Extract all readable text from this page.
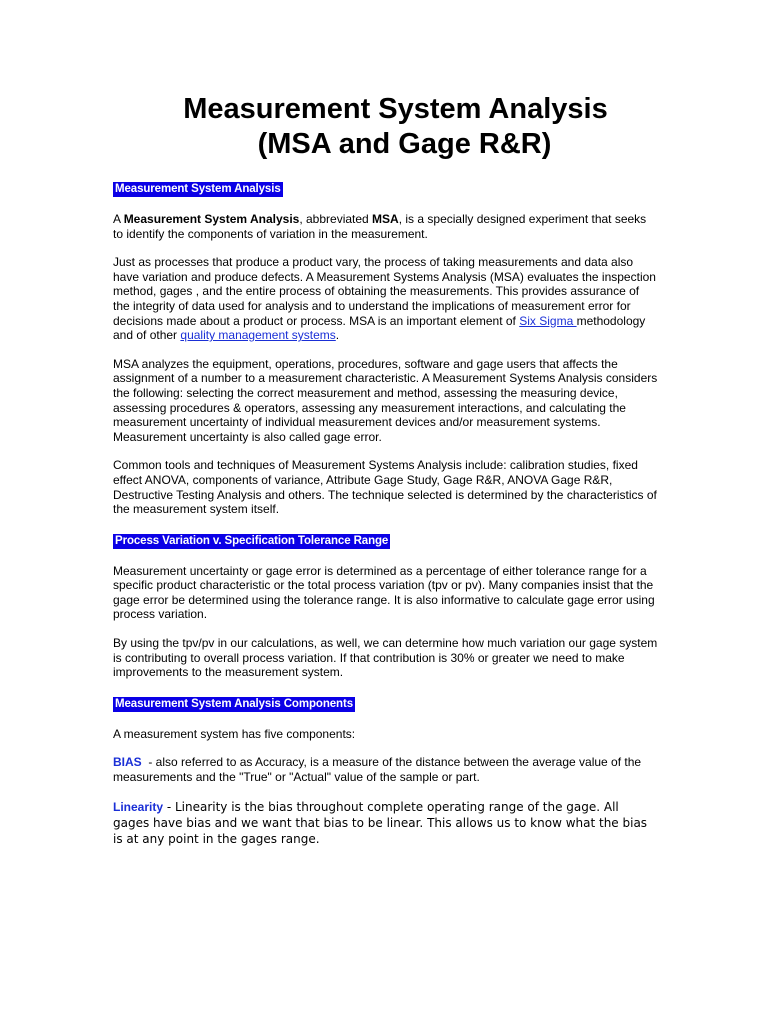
Measurement System Analysis
(MSA and Gage R&R)
Measurement System Analysis

A Measurement System Analysis, abbreviated MSA, is a specially designed experiment that seeks to identify the components of variation in the measurement.

Just as processes that produce a product vary, the process of taking measurements and data also have variation and produce defects. A Measurement Systems Analysis (MSA) evaluates the inspection method, gages , and the entire process of obtaining the measurements. This provides assurance of the integrity of data used for analysis and to understand the implications of measurement error for decisions made about a product or process. MSA is an important element of Six Sigma methodology and of other quality management systems.

MSA analyzes the equipment, operations, procedures, software and gage users that affects the assignment of a number to a measurement characteristic. A Measurement Systems Analysis considers the following: selecting the correct measurement and method, assessing the measuring device, assessing procedures & operators, assessing any measurement interactions, and calculating the measurement uncertainty of individual measurement devices and/or measurement systems. Measurement uncertainty is also called gage error.

Common tools and techniques of Measurement Systems Analysis include: calibration studies, fixed effect ANOVA, components of variance, Attribute Gage Study, Gage R&R, ANOVA Gage R&R, Destructive Testing Analysis and others. The technique selected is determined by the characteristics of the measurement system itself.

Process Variation v. Specification Tolerance Range

Measurement uncertainty or gage error is determined as a percentage of either tolerance range for a specific product characteristic or the total process variation (tpv or pv). Many companies insist that the gage error be determined using the tolerance range. It is also informative to calculate gage error using process variation.

By using the tpv/pv in our calculations, as well, we can determine how much variation our gage system is contributing to overall process variation. If that contribution is 30% or greater we need to make improvements to the measurement system.

Measurement System Analysis Components

A measurement system has five components:

BIAS  - also referred to as Accuracy, is a measure of the distance between the average value of the measurements and the "True" or "Actual" value of the sample or part.

Linearity - Linearity is the bias throughout complete operating range of the gage. All gages have bias and we want that bias to be linear. This allows us to know what the bias is at any point in the gages range.
